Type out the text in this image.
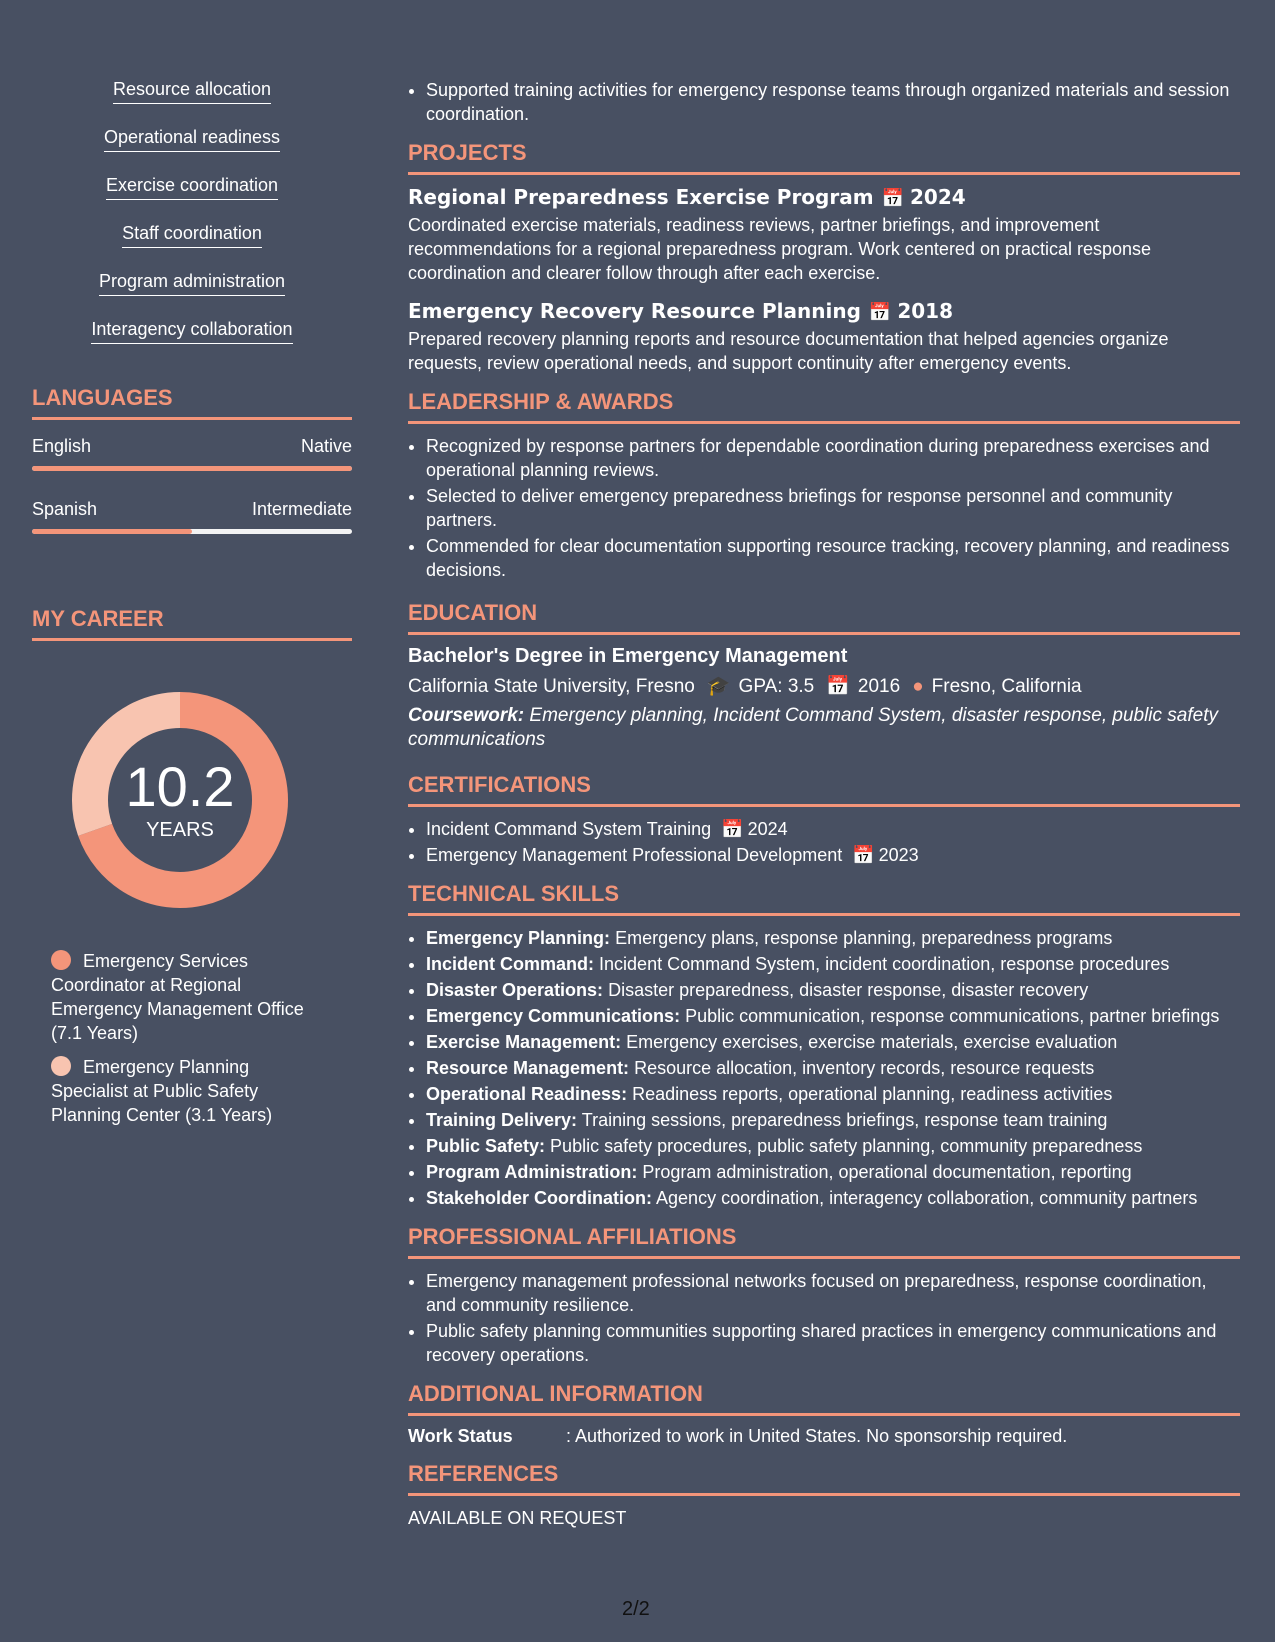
Resource allocation
Operational readiness
Exercise coordination
Staff coordination
Program administration
Interagency collaboration
LANGUAGES
English	Native
Spanish	Intermediate
MY CAREER
10.2
YEARS
Emergency Services Coordinator at Regional Emergency Management Office (7.1 Years)
Emergency Planning Specialist at Public Safety Planning Center (3.1 Years)
• Supported training activities for emergency response teams through organized materials and session coordination.
PROJECTS
Regional Preparedness Exercise Program 📅 2024

Coordinated exercise materials, readiness reviews, partner briefings, and improvement recommendations for a regional preparedness program. Work centered on practical response coordination and clearer follow through after each exercise.

Emergency Recovery Resource Planning 📅 2018

Prepared recovery planning reports and resource documentation that helped agencies organize requests, review operational needs, and support continuity after emergency events.

LEADERSHIP & AWARDS
• Recognized by response partners for dependable coordination during preparedness exercises and operational planning reviews.
• Selected to deliver emergency preparedness briefings for response personnel and community partners.
• Commended for clear documentation supporting resource tracking, recovery planning, and readiness decisions.
EDUCATION
Bachelor's Degree in Emergency Management
California State University, Fresno 🎓 GPA: 3.5 📅 2016 ● Fresno, California

Coursework: Emergency planning, Incident Command System, disaster response, public safety communications

CERTIFICATIONS
• Incident Command System Training 📅 2024
• Emergency Management Professional Development 📅 2023
TECHNICAL SKILLS
• Emergency Planning: Emergency plans, response planning, preparedness programs
• Incident Command: Incident Command System, incident coordination, response procedures
• Disaster Operations: Disaster preparedness, disaster response, disaster recovery
• Emergency Communications: Public communication, response communications, partner briefings
• Exercise Management: Emergency exercises, exercise materials, exercise evaluation
• Resource Management: Resource allocation, inventory records, resource requests
• Operational Readiness: Readiness reports, operational planning, readiness activities
• Training Delivery: Training sessions, preparedness briefings, response team training
• Public Safety: Public safety procedures, public safety planning, community preparedness
• Program Administration: Program administration, operational documentation, reporting
• Stakeholder Coordination: Agency coordination, interagency collaboration, community partners
PROFESSIONAL AFFILIATIONS
• Emergency management professional networks focused on preparedness, response coordination, and community resilience.
• Public safety planning communities supporting shared practices in emergency communications and recovery operations.
ADDITIONAL INFORMATION
Work Status	: Authorized to work in United States. No sponsorship required.
REFERENCES
AVAILABLE ON REQUEST
2/2
